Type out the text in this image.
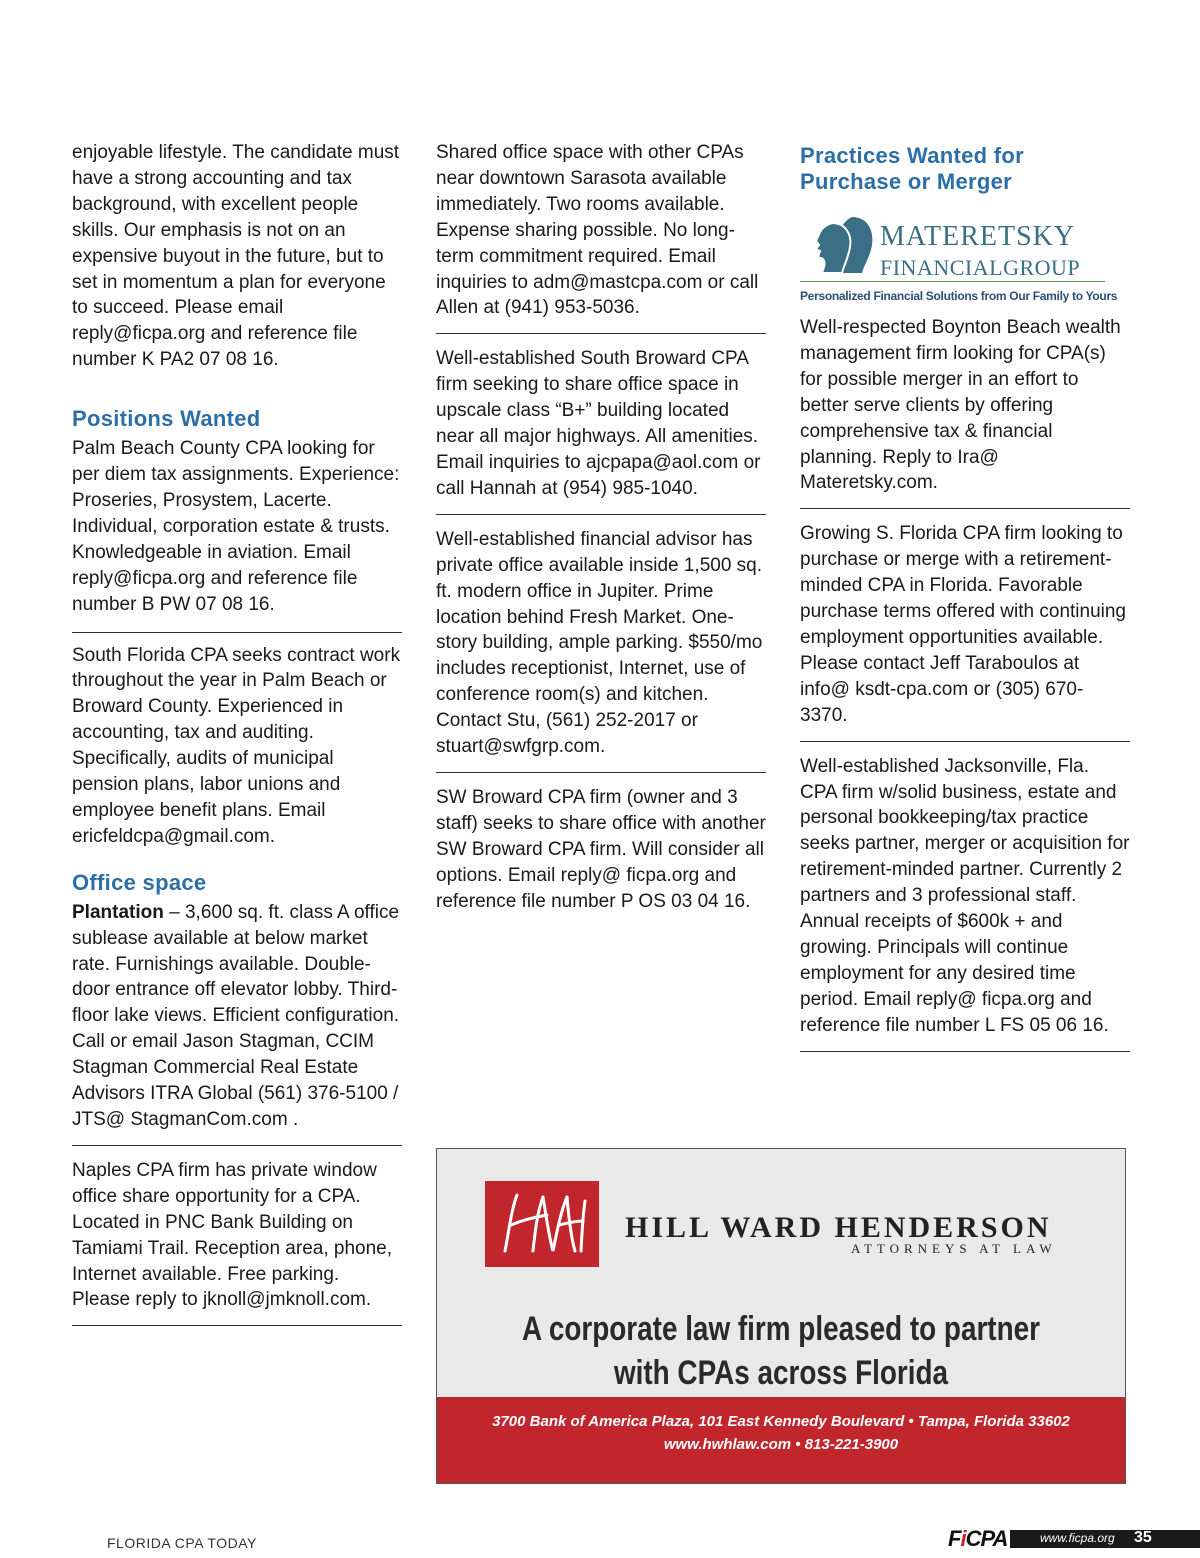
enjoyable lifestyle. The candidate must have a strong accounting and tax background, with excellent people skills. Our emphasis is not on an expensive buyout in the future, but to set in momentum a plan for everyone to succeed. Please email reply@ficpa.org and reference file number K PA2 07 08 16.

Positions Wanted

Palm Beach County CPA looking for per diem tax assignments. Experience: Proseries, Prosystem, Lacerte. Individual, corporation estate & trusts. Knowledgeable in aviation. Email reply@ficpa.org and reference file number B PW 07 08 16.

South Florida CPA seeks contract work throughout the year in Palm Beach or Broward County. Experienced in accounting, tax and auditing. Specifically, audits of municipal pension plans, labor unions and employee benefit plans. Email ericfeldcpa@gmail.com.

Office space

Plantation – 3,600 sq. ft. class A office sublease available at below market rate. Furnishings available. Double-door entrance off elevator lobby. Third-floor lake views. Efficient configuration. Call or email Jason Stagman, CCIM Stagman Commercial Real Estate Advisors ITRA Global (561) 376-5100 / JTS@ StagmanCom.com .

Naples CPA firm has private window office share opportunity for a CPA. Located in PNC Bank Building on Tamiami Trail. Reception area, phone, Internet available. Free parking. Please reply to jknoll@jmknoll.com.

Shared office space with other CPAs near downtown Sarasota available immediately. Two rooms available. Expense sharing possible. No long-term commitment required. Email inquiries to adm@mastcpa.com or call Allen at (941) 953-5036.

Well-established South Broward CPA firm seeking to share office space in upscale class “B+” building located near all major highways. All amenities. Email inquiries to ajcpapa@aol.com or call Hannah at (954) 985-1040.

Well-established financial advisor has private office available inside 1,500 sq. ft. modern office in Jupiter. Prime location behind Fresh Market. One-story building, ample parking. $550/mo includes receptionist, Internet, use of conference room(s) and kitchen. Contact Stu, (561) 252-2017 or stuart@swfgrp.com.

SW Broward CPA firm (owner and 3 staff) seeks to share office with another SW Broward CPA firm. Will consider all options. Email reply@ ficpa.org and reference file number P OS 03 04 16.

Practices Wanted for Purchase or Merger
MATERETSKY
FINANCIALGROUP
Personalized Financial Solutions from Our Family to Yours

Well-respected Boynton Beach wealth management firm looking for CPA(s) for possible merger in an effort to better serve clients by offering comprehensive tax & financial planning. Reply to Ira@ Materetsky.com.

Growing S. Florida CPA firm looking to purchase or merge with a retirement-minded CPA in Florida. Favorable purchase terms offered with continuing employment opportunities available. Please contact Jeff Taraboulos at info@ ksdt-cpa.com or (305) 670-3370.

Well-established Jacksonville, Fla. CPA firm w/solid business, estate and personal bookkeeping/tax practice seeks partner, merger or acquisition for retirement-minded partner. Currently 2 partners and 3 professional staff. Annual receipts of $600k + and growing. Principals will continue employment for any desired time period. Email reply@ ficpa.org and reference file number L FS 05 06 16.

HILL WARD HENDERSON
ATTORNEYS AT LAW
A corporate law firm pleased to partner
with CPAs across Florida
3700 Bank of America Plaza, 101 East Kennedy Boulevard • Tampa, Florida 33602
www.hwhlaw.com • 813-221-3900
FLORIDA CPA TODAY	FiCPA	www.ficpa.org 35
